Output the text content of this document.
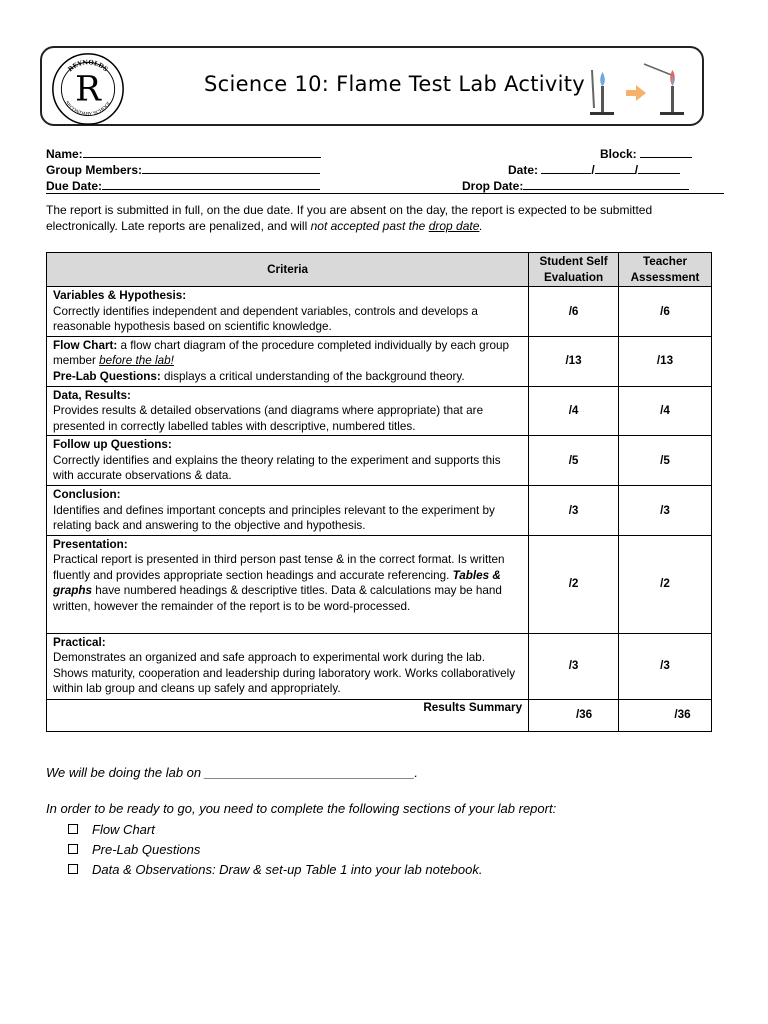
R
REYNOLDS
SECONDARY SCHOOL
Science 10: Flame Test Lab Activity
Name:	Block:
Group Members:	Date:	/	/
Due Date:	Drop Date:
The report is submitted in full, on the due date. If you are absent on the day, the report is expected to be submitted
electronically. Late reports are penalized, and will not accepted past the drop date.
Criteria	Student Self Evaluation	Teacher Assessment

Variables & Hypothesis:
Correctly identifies independent and dependent variables, controls and develops a reasonable hypothesis based on scientific knowledge.	/6	/6
Flow Chart: a flow chart diagram of the procedure completed individually by each group member before the lab!
Pre-Lab Questions: displays a critical understanding of the background theory.	/13	/13

Data, Results:
Provides results & detailed observations (and diagrams where appropriate) that are presented in correctly labelled tables with descriptive, numbered titles.	/4	/4

Follow up Questions:
Correctly identifies and explains the theory relating to the experiment and supports this with accurate observations & data.	/5	/5

Conclusion:
Identifies and defines important concepts and principles relevant to the experiment by relating back and answering to the objective and hypothesis.	/3	/3

Presentation:
Practical report is presented in third person past tense & in the correct format. Is written fluently and provides appropriate section headings and accurate referencing. Tables & graphs have numbered headings & descriptive titles. Data & calculations may be hand written, however the remainder of the report is to be word-processed.	/2	/2

Practical:
Demonstrates an organized and safe approach to experimental work during the lab. Shows maturity, cooperation and leadership during laboratory work. Works collaboratively within lab group and cleans up safely and appropriately.	/3	/3
Results Summary	/36	/36
We will be doing the lab on _____________________________.
In order to be ready to go, you need to complete the following sections of your lab report:
Flow Chart
Pre-Lab Questions
Data & Observations: Draw & set-up Table 1 into your lab notebook.
